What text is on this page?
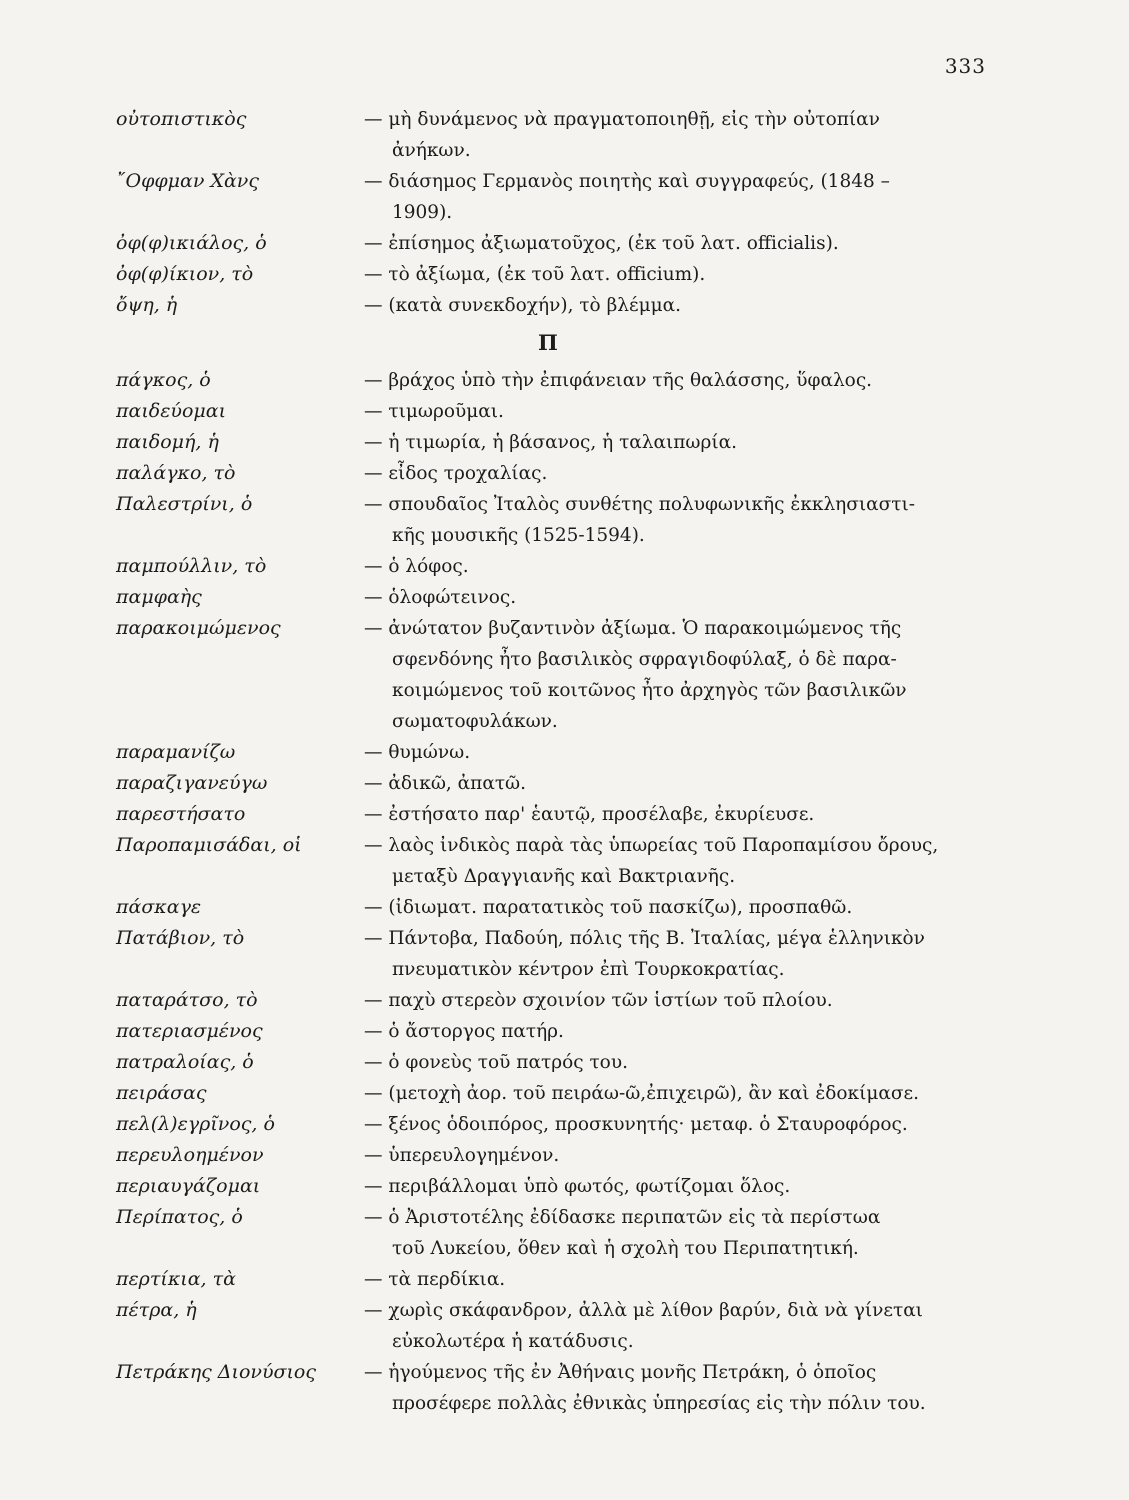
333
οὐτοπιστικὸς	— μὴ δυνάμενος νὰ πραγματοποιηθῇ, εἰς τὴν οὐτοπίαν
ἀνήκων.
῎Οφφμαν Χὰνς	— διάσημος Γερμανὸς ποιητὴς καὶ συγγραφεύς, (1848 –
1909).
ὀφ(φ)ικιάλος, ὁ	— ἐπίσημος ἀξιωματοῦχος, (ἐκ τοῦ λατ. officialis).
ὀφ(φ)ίκιον, τὸ	— τὸ ἀξίωμα, (ἐκ τοῦ λατ. officium).
ὄψη, ἡ	— (κατὰ συνεκδοχήν), τὸ βλέμμα.
Π
πάγκος, ὁ	— βράχος ὑπὸ τὴν ἐπιφάνειαν τῆς θαλάσσης, ὕφαλος.
παιδεύομαι	— τιμωροῦμαι.
παιδομή, ἡ	— ἡ τιμωρία, ἡ βάσανος, ἡ ταλαιπωρία.
παλάγκο, τὸ	— εἶδος τροχαλίας.
Παλεστρίνι, ὁ	— σπουδαῖος Ἰταλὸς συνθέτης πολυφωνικῆς ἐκκλησιαστι-
κῆς μουσικῆς (1525-1594).
παμπούλλιν, τὸ	— ὁ λόφος.
παμφαὴς	— ὁλοφώτεινος.
παρακοιμώμενος	— ἀνώτατον βυζαντινὸν ἀξίωμα. Ὁ παρακοιμώμενος τῆς
σφενδόνης ἦτο βασιλικὸς σφραγιδοφύλαξ, ὁ δὲ παρα-
κοιμώμενος τοῦ κοιτῶνος ἦτο ἀρχηγὸς τῶν βασιλικῶν
σωματοφυλάκων.
παραμανίζω	— θυμώνω.
παραζιγανεύγω	— ἀδικῶ, ἀπατῶ.
παρεστήσατο	— ἐστήσατο παρ' ἑαυτῷ, προσέλαβε, ἐκυρίευσε.
Παροπαμισάδαι, οἱ	— λαὸς ἰνδικὸς παρὰ τὰς ὑπωρείας τοῦ Παροπαμίσου ὄρους,
μεταξὺ Δραγγιανῆς καὶ Βακτριανῆς.
πάσκαγε	— (ἰδιωματ. παρατατικὸς τοῦ πασκίζω), προσπαθῶ.
Πατάβιον, τὸ	— Πάντοβα, Παδούη, πόλις τῆς Β. Ἰταλίας, μέγα ἑλληνικὸν
πνευματικὸν κέντρον ἐπὶ Τουρκοκρατίας.
παταράτσο, τὸ	— παχὺ στερεὸν σχοινίον τῶν ἱστίων τοῦ πλοίου.
πατεριασμένος	— ὁ ἄστοργος πατήρ.
πατραλοίας, ὁ	— ὁ φονεὺς τοῦ πατρός του.
πειράσας	— (μετοχὴ ἀορ. τοῦ πειράω-ῶ,ἐπιχειρῶ), ἂν καὶ ἐδοκίμασε.
πελ(λ)εγρῖνος, ὁ	— ξένος ὁδοιπόρος, προσκυνητής· μεταφ. ὁ Σταυροφόρος.
περευλοημένον	— ὑπερευλογημένον.
περιαυγάζομαι	— περιβάλλομαι ὑπὸ φωτός, φωτίζομαι ὅλος.
Περίπατος, ὁ	— ὁ Ἀριστοτέλης ἐδίδασκε περιπατῶν εἰς τὰ περίστωα
τοῦ Λυκείου, ὅθεν καὶ ἡ σχολὴ του Περιπατητική.
περτίκια, τὰ	— τὰ περδίκια.
πέτρα, ἡ	— χωρὶς σκάφανδρον, ἀλλὰ μὲ λίθον βαρύν, διὰ νὰ γίνεται
εὐκολωτέρα ἡ κατάδυσις.
Πετράκης Διονύσιος	— ἡγούμενος τῆς ἐν Ἀθήναις μονῆς Πετράκη, ὁ ὁποῖος
προσέφερε πολλὰς ἐθνικὰς ὑπηρεσίας εἰς τὴν πόλιν του.
